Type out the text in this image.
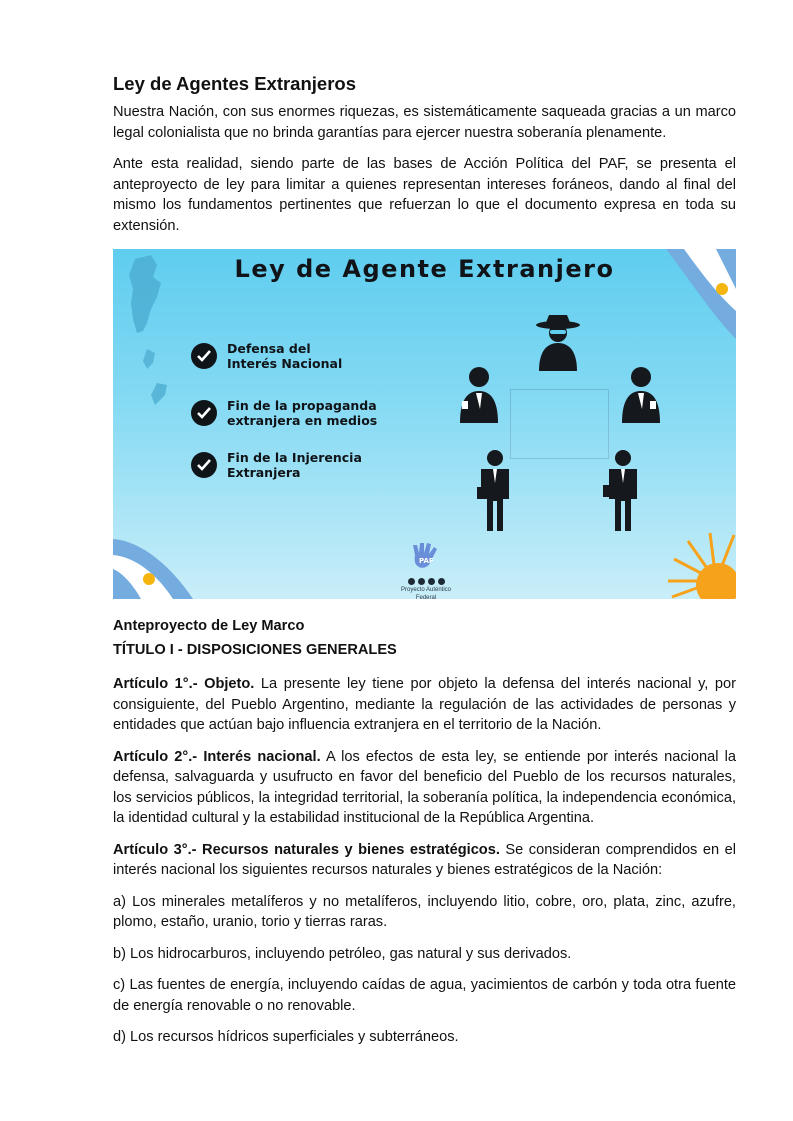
Ley de Agentes Extranjeros

Nuestra Nación, con sus enormes riquezas, es sistemáticamente saqueada gracias a un marco legal colonialista que no brinda garantías para ejercer nuestra soberanía plenamente.

Ante esta realidad, siendo parte de las bases de Acción Política del PAF, se presenta el anteproyecto de ley para limitar a quienes representan intereses foráneos, dando al final del mismo los fundamentos pertinentes que refuerzan lo que el documento expresa en toda su extensión.

Ley de Agente Extranjero
Defensa del
Interés Nacional
Fin de la propaganda
extranjera en medios
Fin de la Injerencia
Extranjera
PAF
Proyecto Auténtico Federal
Anteproyecto de Ley Marco
TÍTULO I - DISPOSICIONES GENERALES

Artículo 1°.- Objeto. La presente ley tiene por objeto la defensa del interés nacional y, por consiguiente, del Pueblo Argentino, mediante la regulación de las actividades de personas y entidades que actúan bajo influencia extranjera en el territorio de la Nación.

Artículo 2°.- Interés nacional. A los efectos de esta ley, se entiende por interés nacional la defensa, salvaguarda y usufructo en favor del beneficio del Pueblo de los recursos naturales, los servicios públicos, la integridad territorial, la soberanía política, la independencia económica, la identidad cultural y la estabilidad institucional de la República Argentina.

Artículo 3°.- Recursos naturales y bienes estratégicos. Se consideran comprendidos en el interés nacional los siguientes recursos naturales y bienes estratégicos de la Nación:

a) Los minerales metalíferos y no metalíferos, incluyendo litio, cobre, oro, plata, zinc, azufre, plomo, estaño, uranio, torio y tierras raras.

b) Los hidrocarburos, incluyendo petróleo, gas natural y sus derivados.

c) Las fuentes de energía, incluyendo caídas de agua, yacimientos de carbón y toda otra fuente de energía renovable o no renovable.

d) Los recursos hídricos superficiales y subterráneos.
